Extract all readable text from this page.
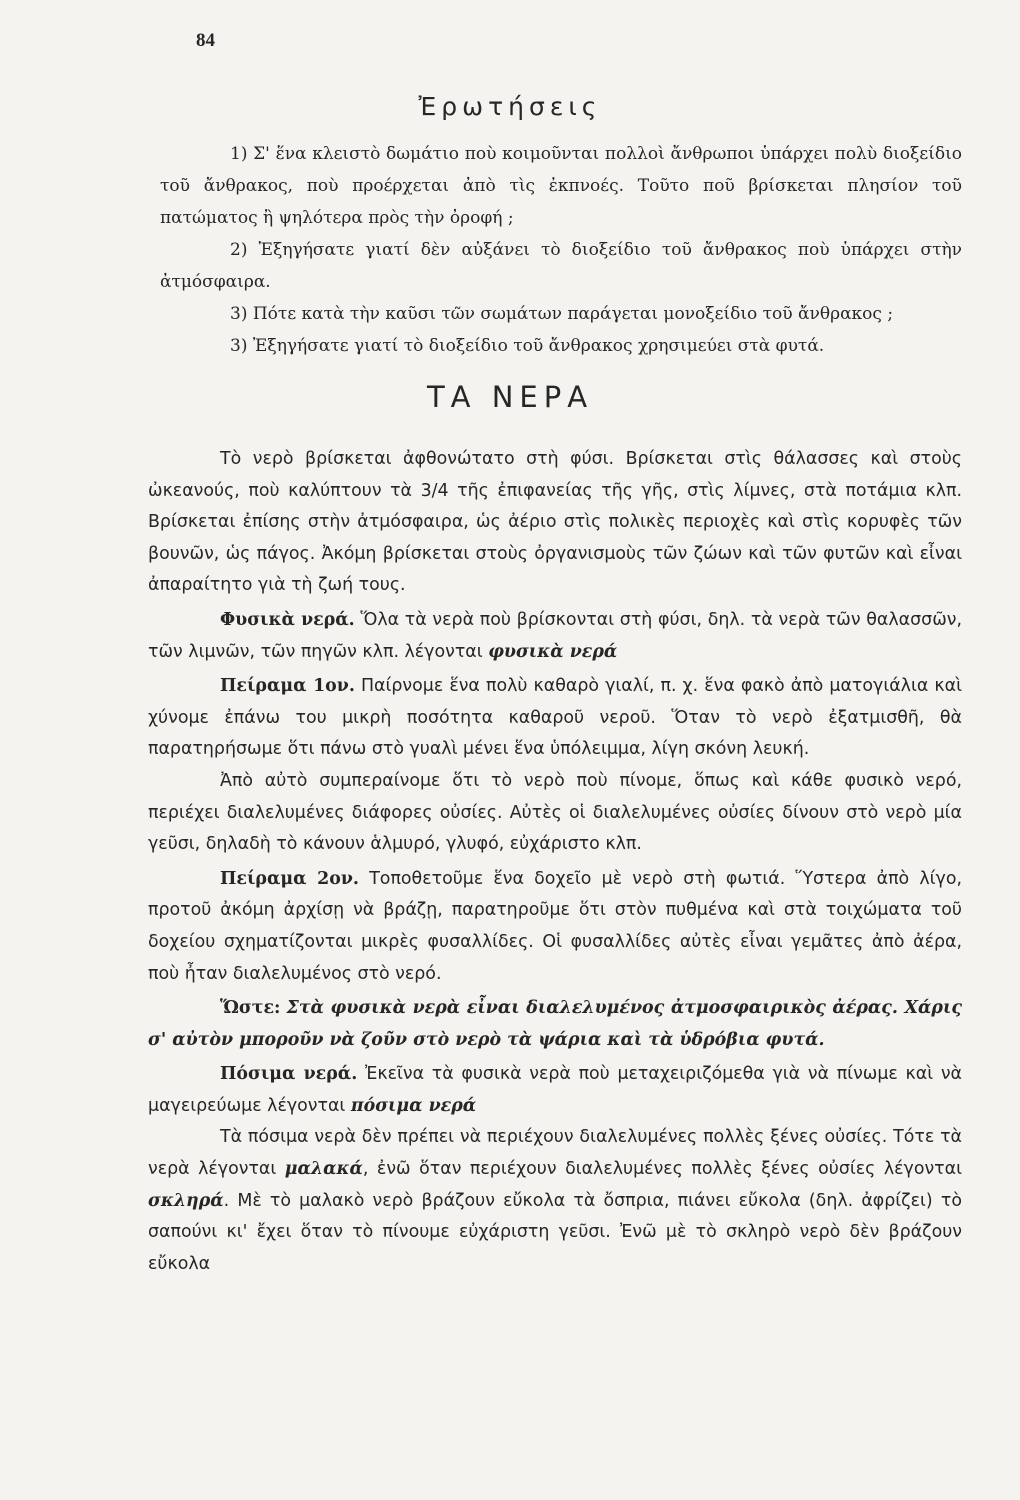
84
Ἐρωτήσεις

1) Σ' ἕνα κλειστὸ δωμάτιο ποὺ κοιμοῦνται πολλοὶ ἄνθρωποι ὑπάρχει πολὺ διοξείδιο τοῦ ἄνθρακος, ποὺ προέρχεται ἀπὸ τὶς ἐκπνοές. Τοῦτο ποῦ βρίσκεται πλησίον τοῦ πατώματος ἢ ψηλότερα πρὸς τὴν ὀροφή ;

2) Ἐξηγήσατε γιατί δὲν αὐξάνει τὸ διοξείδιο τοῦ ἄνθρακος ποὺ ὑπάρχει στὴν ἀτμόσφαιρα.

3) Πότε κατὰ τὴν καῦσι τῶν σωμάτων παράγεται μονοξείδιο τοῦ ἄνθρακος ;

3) Ἐξηγήσατε γιατί τὸ διοξείδιο τοῦ ἄνθρακος χρησιμεύει στὰ φυτά.

ΤΑ ΝΕΡΑ

Τὸ νερὸ βρίσκεται ἀφθονώτατο στὴ φύσι. Βρίσκεται στὶς θάλασσες καὶ στοὺς ὠκεανούς, ποὺ καλύπτουν τὰ 3/4 τῆς ἐπιφανείας τῆς γῆς, στὶς λίμνες, στὰ ποτάμια κλπ. Βρίσκεται ἐπίσης στὴν ἀτμόσφαιρα, ὡς ἀέριο στὶς πολικὲς περιοχὲς καὶ στὶς κορυφὲς τῶν βουνῶν, ὡς πάγος. Ἀκόμη βρίσκεται στοὺς ὀργανισμοὺς τῶν ζώων καὶ τῶν φυτῶν καὶ εἶναι ἀπαραίτητο γιὰ τὴ ζωή τους.

Φυσικὰ νερά. Ὅλα τὰ νερὰ ποὺ βρίσκονται στὴ φύσι, δηλ. τὰ νερὰ τῶν θαλασσῶν, τῶν λιμνῶν, τῶν πηγῶν κλπ. λέγονται φυσικὰ νερά

Πείραμα 1ον. Παίρνομε ἕνα πολὺ καθαρὸ γιαλί, π. χ. ἕνα φακὸ ἀπὸ ματογιάλια καὶ χύνομε ἐπάνω του μικρὴ ποσότητα καθαροῦ νεροῦ. Ὅταν τὸ νερὸ ἐξατμισθῆ, θὰ παρατηρήσωμε ὅτι πάνω στὸ γυαλὶ μένει ἕνα ὑπόλειμμα, λίγη σκόνη λευκή.

Ἀπὸ αὐτὸ συμπεραίνομε ὅτι τὸ νερὸ ποὺ πίνομε, ὅπως καὶ κάθε φυσικὸ νερό, περιέχει διαλελυμένες διάφορες οὐσίες. Αὐτὲς οἱ διαλελυμένες οὐσίες δίνουν στὸ νερὸ μία γεῦσι, δηλαδὴ τὸ κάνουν ἁλμυρό, γλυφό, εὐχάριστο κλπ.

Πείραμα 2ον. Τοποθετοῦμε ἕνα δοχεῖο μὲ νερὸ στὴ φωτιά. Ὕστερα ἀπὸ λίγο, προτοῦ ἀκόμη ἀρχίσῃ νὰ βράζῃ, παρατηροῦμε ὅτι στὸν πυθμένα καὶ στὰ τοιχώματα τοῦ δοχείου σχηματίζονται μικρὲς φυσαλλίδες. Οἱ φυσαλλίδες αὐτὲς εἶναι γεμᾶτες ἀπὸ ἀέρα, ποὺ ἦταν διαλελυμένος στὸ νερό.

Ὥστε: Στὰ φυσικὰ νερὰ εἶναι διαλελυμένος ἀτμοσφαιρικὸς ἀέρας. Χάρις σ' αὐτὸν μποροῦν νὰ ζοῦν στὸ νερὸ τὰ ψάρια καὶ τὰ ὑδρόβια φυτά.

Πόσιμα νερά. Ἐκεῖνα τὰ φυσικὰ νερὰ ποὺ μεταχειριζόμεθα γιὰ νὰ πίνωμε καὶ νὰ μαγειρεύωμε λέγονται πόσιμα νερά

Τὰ πόσιμα νερὰ δὲν πρέπει νὰ περιέχουν διαλελυμένες πολλὲς ξένες οὐσίες. Τότε τὰ νερὰ λέγονται μαλακά, ἐνῶ ὅταν περιέχουν διαλελυμένες πολλὲς ξένες οὐσίες λέγονται σκληρά. Μὲ τὸ μαλακὸ νερὸ βράζουν εὔκολα τὰ ὄσπρια, πιάνει εὔκολα (δηλ. ἀφρίζει) τὸ σαπούνι κι' ἔχει ὅταν τὸ πίνουμε εὐχάριστη γεῦσι. Ἐνῶ μὲ τὸ σκληρὸ νερὸ δὲν βράζουν εὔκολα
